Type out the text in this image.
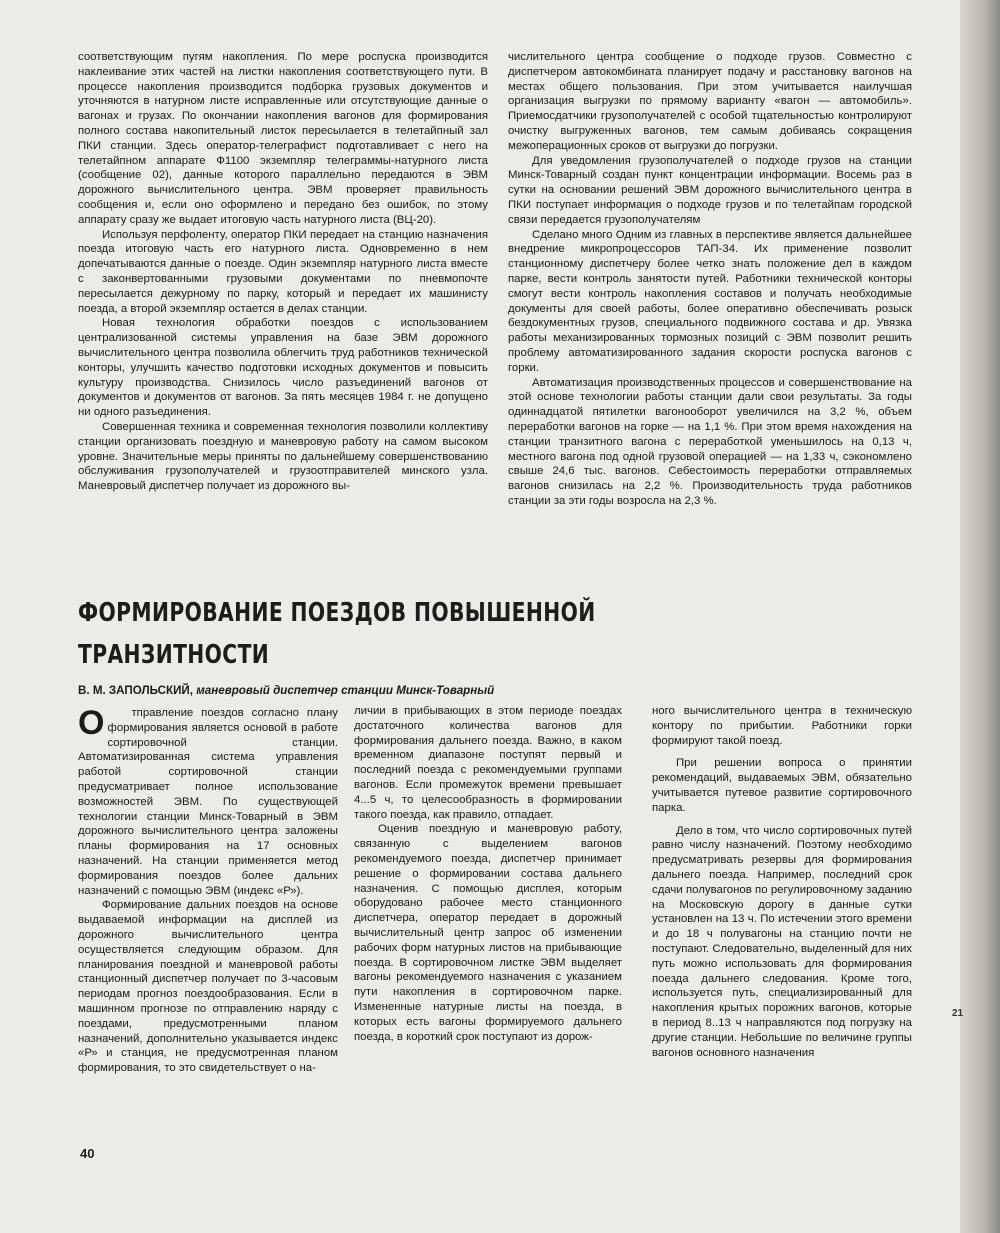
соответствующим пугям накопления. По мере роспуска производится наклеивание этих частей на листки накопления соответствующего пути. В процессе накопления производится подборка грузовых документов и уточняются в натурном листе исправленные или отсутствующие данные о вагонах и грузах. По окончании накопления вагонов для формирования полного состава накопительный листок пересылается в телетайпный зал ПКИ станции. Здесь оператор-телеграфист подготавливает с него на телетайпном аппарате Ф1100 экземпляр телеграммы-натурного листа (сообщение 02), данные которого параллельно передаются в ЭВМ дорожного вычислительного центра. ЭВМ проверяет правильность сообщения и, если оно оформлено и передано без ошибок, по этому аппарату сразу же выдает итоговую часть натурного листа (ВЦ-20).

Используя перфоленту, оператор ПКИ передает на станцию назначения поезда итоговую часть его натурного листа. Одновременно в нем допечатываются данные о поезде. Один экземпляр натурного листа вместе с законвертованными грузовыми документами по пневмопочте пересылается дежурному по парку, который и передает их машинисту поезда, а второй экземпляр остается в делах станции.

Новая технология обработки поездов с использованием централизованной системы управления на базе ЭВМ дорожного вычислительного центра позволила облегчить труд работников технической конторы, улучшить качество подготовки исходных документов и повысить культуру производства. Снизилось число разъединений вагонов от документов и документов от вагонов. За пять месяцев 1984 г. не допущено ни одного разъединения.

Совершенная техника и современная технология позволили коллективу станции организовать поездную и маневровую работу на самом высоком уровне. Значительные меры приняты по дальнейшему совершенствованию обслуживания грузополучателей и грузоотправителей минского узла. Маневровый диспетчер получает из дорожного вы-

числительного центра сообщение о подходе грузов. Совместно с диспетчером автокомбината планирует подачу и расстановку вагонов на местах общего пользования. При этом учитывается наилучшая организация выгрузки по прямому варианту «вагон — автомобиль». Приемосдатчики грузополучателей с особой тщательностью контролируют очистку выгруженных вагонов, тем самым добиваясь сокращения межоперационных сроков от выгрузки до погрузки.

Для уведомления грузополучателей о подходе грузов на станции Минск-Товарный создан пункт концентрации информации. Восемь раз в сутки на основании решений ЭВМ дорожного вычислительного центра в ПКИ поступает информация о подходе грузов и по телетайпам городской связи передается грузополучателям

Сделано много Одним из главных в перспективе является дальнейшее внедрение микропроцессоров ТАП-34. Их применение позволит станционному диспетчеру более четко знать положение дел в каждом парке, вести контроль занятости путей. Работники технической конторы смогут вести контроль накопления составов и получать необходимые документы для своей работы, более оперативно обеспечивать розыск бездокументных грузов, специального подвижного состава и др. Увязка работы механизированных тормозных позиций с ЭВМ позволит решить проблему автоматизированного задания скорости роспуска вагонов с горки.

Автоматизация производственных процессов и совершенствование на этой основе технологии работы станции дали свои результаты. За годы одиннадцатой пятилетки вагонооборот увеличился на 3,2 %, объем переработки вагонов на горке — на 1,1 %. При этом время нахождения на станции транзитного вагона с переработкой уменьшилось на 0,13 ч, местного вагона под одной грузовой операцией — на 1,33 ч, сэкономлено свыше 24,6 тыс. вагонов. Себестоимость переработки отправляемых вагонов снизилась на 2,2 %. Производительность труда работников станции за эти годы возросла на 2,3 %.

ФОРМИРОВАНИЕ ПОЕЗДОВ ПОВЫШЕННОЙ
ТРАНЗИТНОСТИ
В. М. ЗАПОЛЬСКИЙ, маневровый диспетчер станции Минск-Товарный

О тправление поездов согласно плану формирования является основой в работе сортировочной станции. Автоматизированная система управления работой сортировочной станции предусматривает полное использование возможностей ЭВМ. По существующей технологии станции Минск-Товарный в ЭВМ дорожного вычислительного центра заложены планы формирования на 17 основных назначений. На станции применяется метод формирования поездов более дальних назначений с помощью ЭВМ (индекс «Р»).

Формирование дальних поездов на основе выдаваемой информации на дисплей из дорожного вычислительного центра осуществляется следующим образом. Для планирования поездной и маневровой работы станционный диспетчер получает по 3-часовым периодам прогноз поездообразования. Если в машинном прогнозе по отправлению наряду с поездами, предусмотренными планом назначений, дополнительно указывается индекс «Р» и станция, не предусмотренная планом формирования, то это свидетельствует о на-

личии в прибывающих в этом периоде поездах достаточного количества вагонов для формирования дальнего поезда. Важно, в каком временном диапазоне поступят первый и последний поезда с рекомендуемыми группами вагонов. Если промежуток времени превышает 4...5 ч, то целесообразность в формировании такого поезда, как правило, отпадает.

Оценив поездную и маневровую работу, связанную с выделением вагонов рекомендуемого поезда, диспетчер принимает решение о формировании состава дальнего назначения. С помощью дисплея, которым оборудовано рабочее место станционного диспетчера, оператор передает в дорожный вычислительный центр запрос об изменении рабочих форм натурных листов на прибывающие поезда. В сортировочном листке ЭВМ выделяет вагоны рекомендуемого назначения с указанием пути накопления в сортировочном парке. Измененные натурные листы на поезда, в которых есть вагоны формируемого дальнего поезда, в короткий срок поступают из дорож-

ного вычислительного центра в техническую контору по прибытии. Работники горки формируют такой поезд.

При решении вопроса о принятии рекомендаций, выдаваемых ЭВМ, обязательно учитывается путевое развитие сортировочного парка.

Дело в том, что число сортировочных путей равно числу назначений. Поэтому необходимо предусматривать резервы для формирования дальнего поезда. Например, последний срок сдачи полувагонов по регулировочному заданию на Московскую дорогу в данные сутки установлен на 13 ч. По истечении этого времени и до 18 ч полувагоны на станцию почти не поступают. Следовательно, выделенный для них путь можно использовать для формирования поезда дальнего следования. Кроме того, используется путь, специализированный для накопления крытых порожних вагонов, которые в период 8..13 ч направляются под погрузку на другие станции. Небольшие по величине группы вагонов основного назначения

40
21
